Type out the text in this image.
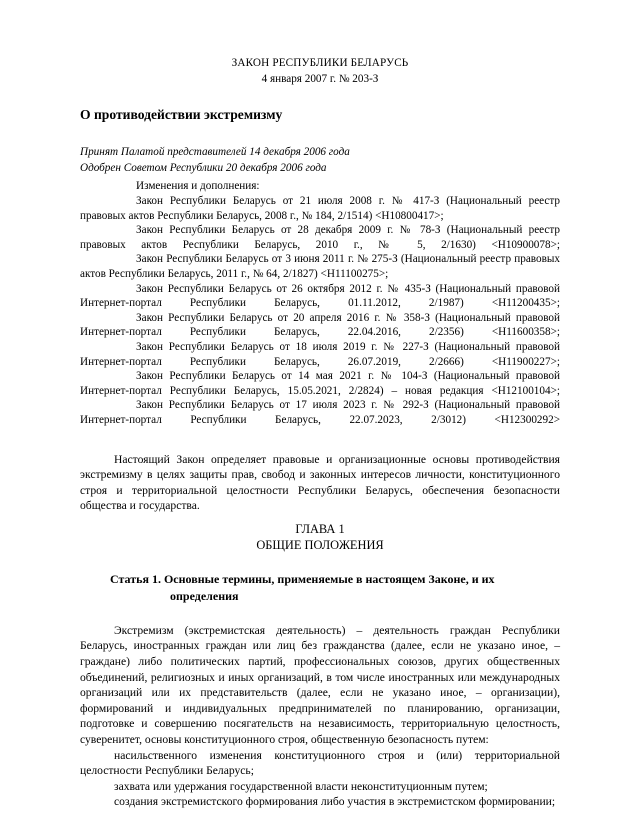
ЗАКОН РЕСПУБЛИКИ БЕЛАРУСЬ
4 января 2007 г. № 203-З
О противодействии экстремизму
Принят Палатой представителей 14 декабря 2006 года
Одобрен Советом Республики 20 декабря 2006 года
Изменения и дополнения:
Закон Республики Беларусь от 21 июля 2008 г. № 417-З (Национальный реестр правовых актов Республики Беларусь, 2008 г., № 184, 2/1514) <H10800417>;
Закон Республики Беларусь от 28 декабря 2009 г. № 78-З (Национальный реестр правовых актов Республики Беларусь, 2010 г., № 5, 2/1630) <H10900078>;
Закон Республики Беларусь от 3 июня 2011 г. № 275-З (Национальный реестр правовых актов Республики Беларусь, 2011 г., № 64, 2/1827) <H11100275>;
Закон Республики Беларусь от 26 октября 2012 г. № 435-З (Национальный правовой Интернет-портал Республики Беларусь, 01.11.2012, 2/1987) <H11200435>;
Закон Республики Беларусь от 20 апреля 2016 г. № 358-З (Национальный правовой Интернет-портал Республики Беларусь, 22.04.2016, 2/2356) <H11600358>;
Закон Республики Беларусь от 18 июля 2019 г. № 227-З (Национальный правовой Интернет-портал Республики Беларусь, 26.07.2019, 2/2666) <H11900227>;
Закон Республики Беларусь от 14 мая 2021 г. № 104-З (Национальный правовой Интернет-портал Республики Беларусь, 15.05.2021, 2/2824) – новая редакция <H12100104>;
Закон Республики Беларусь от 17 июля 2023 г. № 292-З (Национальный правовой Интернет-портал Республики Беларусь, 22.07.2023, 2/3012) <H12300292>
Настоящий Закон определяет правовые и организационные основы противодействия экстремизму в целях защиты прав, свобод и законных интересов личности, конституционного строя и территориальной целостности Республики Беларусь, обеспечения безопасности общества и государства.
ГЛАВА 1
ОБЩИЕ ПОЛОЖЕНИЯ
Статья 1. Основные термины, применяемые в настоящем Законе, и их
определения
Экстремизм (экстремистская деятельность) – деятельность граждан Республики Беларусь, иностранных граждан или лиц без гражданства (далее, если не указано иное, – граждане) либо политических партий, профессиональных союзов, других общественных объединений, религиозных и иных организаций, в том числе иностранных или международных организаций или их представительств (далее, если не указано иное, – организации), формирований и индивидуальных предпринимателей по планированию, организации, подготовке и совершению посягательств на независимость, территориальную целостность, суверенитет, основы конституционного строя, общественную безопасность путем:
насильственного изменения конституционного строя и (или) территориальной целостности Республики Беларусь;
захвата или удержания государственной власти неконституционным путем;
создания экстремистского формирования либо участия в экстремистском формировании;
